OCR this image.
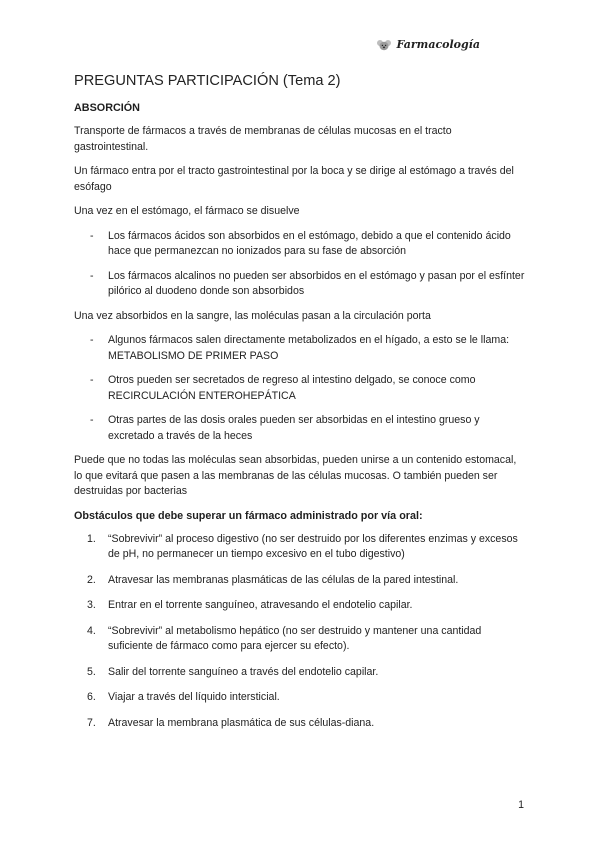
Farmacología
PREGUNTAS PARTICIPACIÓN (Tema 2)
ABSORCIÓN

Transporte de fármacos a través de membranas de células mucosas en el tracto gastrointestinal.

Un fármaco entra por el tracto gastrointestinal por la boca y se dirige al estómago a través del esófago

Una vez en el estómago, el fármaco se disuelve

- Los fármacos ácidos son absorbidos en el estómago, debido a que el contenido ácido hace que permanezcan no ionizados para su fase de absorción
- Los fármacos alcalinos no pueden ser absorbidos en el estómago y pasan por el esfínter pilórico al duodeno donde son absorbidos

Una vez absorbidos en la sangre, las moléculas pasan a la circulación porta

- Algunos fármacos salen directamente metabolizados en el hígado, a esto se le llama: METABOLISMO DE PRIMER PASO
- Otros pueden ser secretados de regreso al intestino delgado, se conoce como RECIRCULACIÓN ENTEROHEPÁTICA
- Otras partes de las dosis orales pueden ser absorbidas en el intestino grueso y excretado a través de la heces

Puede que no todas las moléculas sean absorbidas, pueden unirse a un contenido estomacal, lo que evitará que pasen a las membranas de las células mucosas. O también pueden ser destruidas por bacterias

Obstáculos que debe superar un fármaco administrado por vía oral:
1. “Sobrevivir” al proceso digestivo (no ser destruido por los diferentes enzimas y excesos de pH, no permanecer un tiempo excesivo en el tubo digestivo)
2. Atravesar las membranas plasmáticas de las células de la pared intestinal.
3. Entrar en el torrente sanguíneo, atravesando el endotelio capilar.
4. “Sobrevivir” al metabolismo hepático (no ser destruido y mantener una cantidad suficiente de fármaco como para ejercer su efecto).
5. Salir del torrente sanguíneo a través del endotelio capilar.
6. Viajar a través del líquido intersticial.
7. Atravesar la membrana plasmática de sus células-diana.
1
